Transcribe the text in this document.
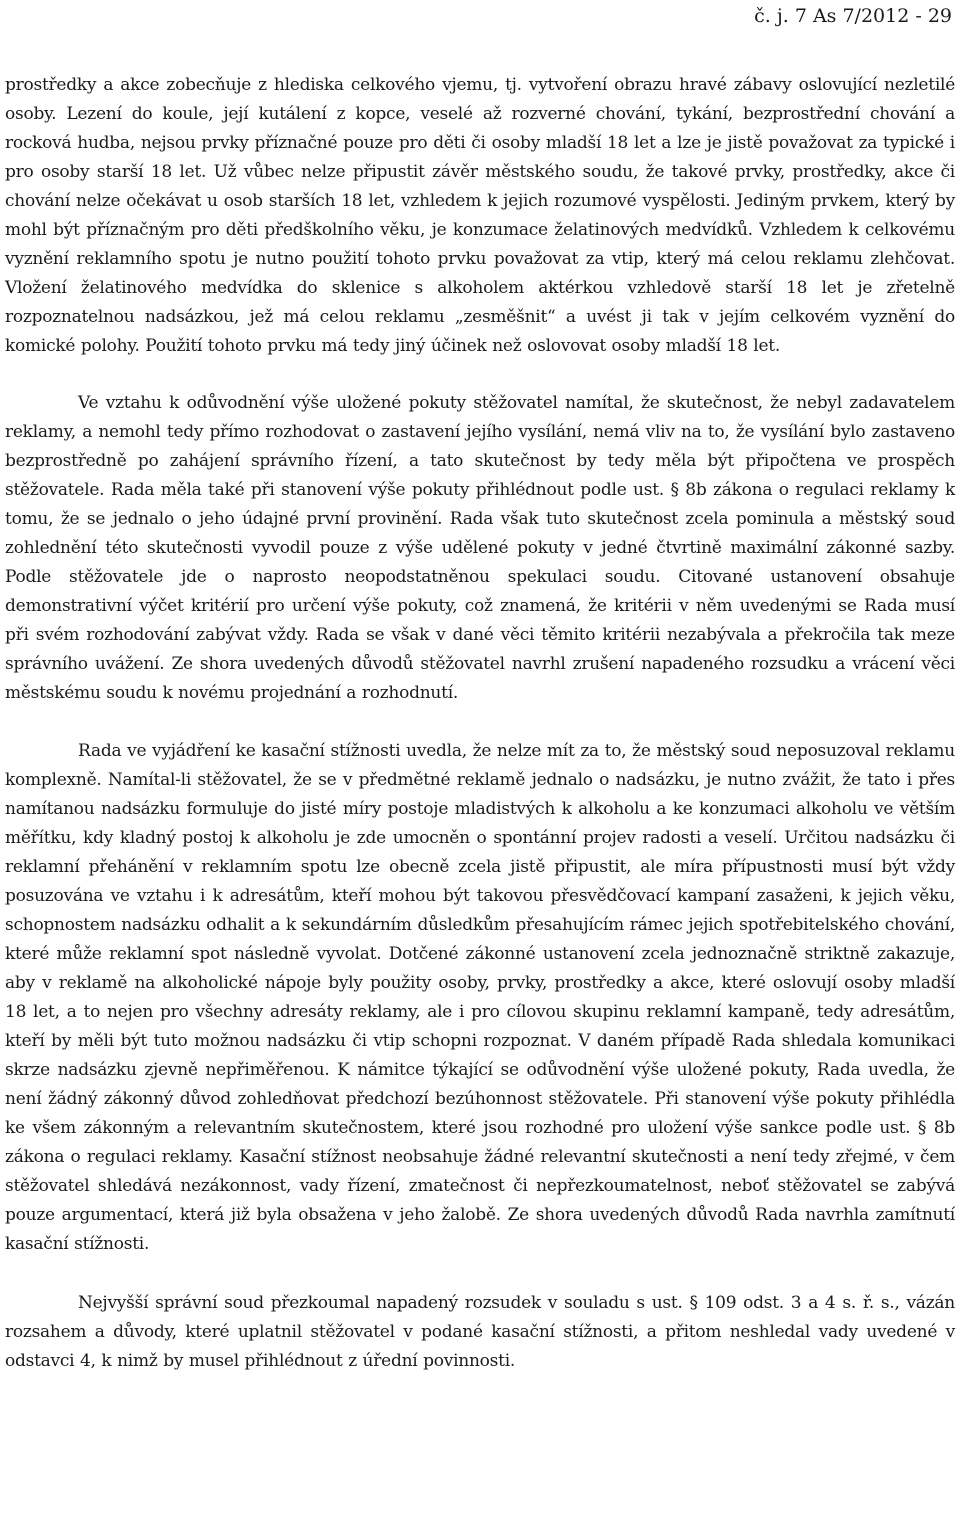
č. j. 7 As 7/2012 - 29

prostředky a akce zobecňuje z hlediska celkového vjemu, tj. vytvoření obrazu hravé zábavy oslovující nezletilé osoby. Lezení do koule, její kutálení z kopce, veselé až rozverné chování, tykání, bezprostřední chování a rocková hudba, nejsou prvky příznačné pouze pro děti či osoby mladší 18 let a lze je jistě považovat za typické i pro osoby starší 18 let. Už vůbec nelze připustit závěr městského soudu, že takové prvky, prostředky, akce či chování nelze očekávat u osob starších 18 let, vzhledem k jejich rozumové vyspělosti. Jediným prvkem, který by mohl být příznačným pro děti předškolního věku, je konzumace želatinových medvídků. Vzhledem k celkovému vyznění reklamního spotu je nutno použití tohoto prvku považovat za vtip, který má celou reklamu zlehčovat. Vložení želatinového medvídka do sklenice s alkoholem aktérkou vzhledově starší 18 let je zřetelně rozpoznatelnou nadsázkou, jež má celou reklamu „zesměšnit“ a uvést ji tak v jejím celkovém vyznění do komické polohy. Použití tohoto prvku má tedy jiný účinek než oslovovat osoby mladší 18 let.

Ve vztahu k odůvodnění výše uložené pokuty stěžovatel namítal, že skutečnost, že nebyl zadavatelem reklamy, a nemohl tedy přímo rozhodovat o zastavení jejího vysílání, nemá vliv na to, že vysílání bylo zastaveno bezprostředně po zahájení správního řízení, a tato skutečnost by tedy měla být připočtena ve prospěch stěžovatele. Rada měla také při stanovení výše pokuty přihlédnout podle ust. § 8b zákona o regulaci reklamy k tomu, že se jednalo o jeho údajné první provinění. Rada však tuto skutečnost zcela pominula a městský soud zohlednění této skutečnosti vyvodil pouze z výše udělené pokuty v jedné čtvrtině maximální zákonné sazby. Podle stěžovatele jde o naprosto neopodstatněnou spekulaci soudu. Citované ustanovení obsahuje demonstrativní výčet kritérií pro určení výše pokuty, což znamená, že kritérii v něm uvedenými se Rada musí při svém rozhodování zabývat vždy. Rada se však v dané věci těmito kritérii nezabývala a překročila tak meze správního uvážení. Ze shora uvedených důvodů stěžovatel navrhl zrušení napadeného rozsudku a vrácení věci městskému soudu k novému projednání a rozhodnutí.

Rada ve vyjádření ke kasační stížnosti uvedla, že nelze mít za to, že městský soud neposuzoval reklamu komplexně. Namítal-li stěžovatel, že se v předmětné reklamě jednalo o nadsázku, je nutno zvážit, že tato i přes namítanou nadsázku formuluje do jisté míry postoje mladistvých k alkoholu a ke konzumaci alkoholu ve větším měřítku, kdy kladný postoj k alkoholu je zde umocněn o spontánní projev radosti a veselí. Určitou nadsázku či reklamní přehánění v reklamním spotu lze obecně zcela jistě připustit, ale míra přípustnosti musí být vždy posuzována ve vztahu i k adresátům, kteří mohou být takovou přesvědčovací kampaní zasaženi, k jejich věku, schopnostem nadsázku odhalit a k sekundárním důsledkům přesahujícím rámec jejich spotřebitelského chování, které může reklamní spot následně vyvolat. Dotčené zákonné ustanovení zcela jednoznačně striktně zakazuje, aby v reklamě na alkoholické nápoje byly použity osoby, prvky, prostředky a akce, které oslovují osoby mladší 18 let, a to nejen pro všechny adresáty reklamy, ale i pro cílovou skupinu reklamní kampaně, tedy adresátům, kteří by měli být tuto možnou nadsázku či vtip schopni rozpoznat. V daném případě Rada shledala komunikaci skrze nadsázku zjevně nepřiměřenou. K námitce týkající se odůvodnění výše uložené pokuty, Rada uvedla, že není žádný zákonný důvod zohledňovat předchozí bezúhonnost stěžovatele. Při stanovení výše pokuty přihlédla ke všem zákonným a relevantním skutečnostem, které jsou rozhodné pro uložení výše sankce podle ust. § 8b zákona o regulaci reklamy. Kasační stížnost neobsahuje žádné relevantní skutečnosti a není tedy zřejmé, v čem stěžovatel shledává nezákonnost, vady řízení, zmatečnost či nepřezkoumatelnost, neboť stěžovatel se zabývá pouze argumentací, která již byla obsažena v jeho žalobě. Ze shora uvedených důvodů Rada navrhla zamítnutí kasační stížnosti.

Nejvyšší správní soud přezkoumal napadený rozsudek v souladu s ust. § 109 odst. 3 a 4 s. ř. s., vázán rozsahem a důvody, které uplatnil stěžovatel v podané kasační stížnosti, a přitom neshledal vady uvedené v odstavci 4, k nimž by musel přihlédnout z úřední povinnosti.
